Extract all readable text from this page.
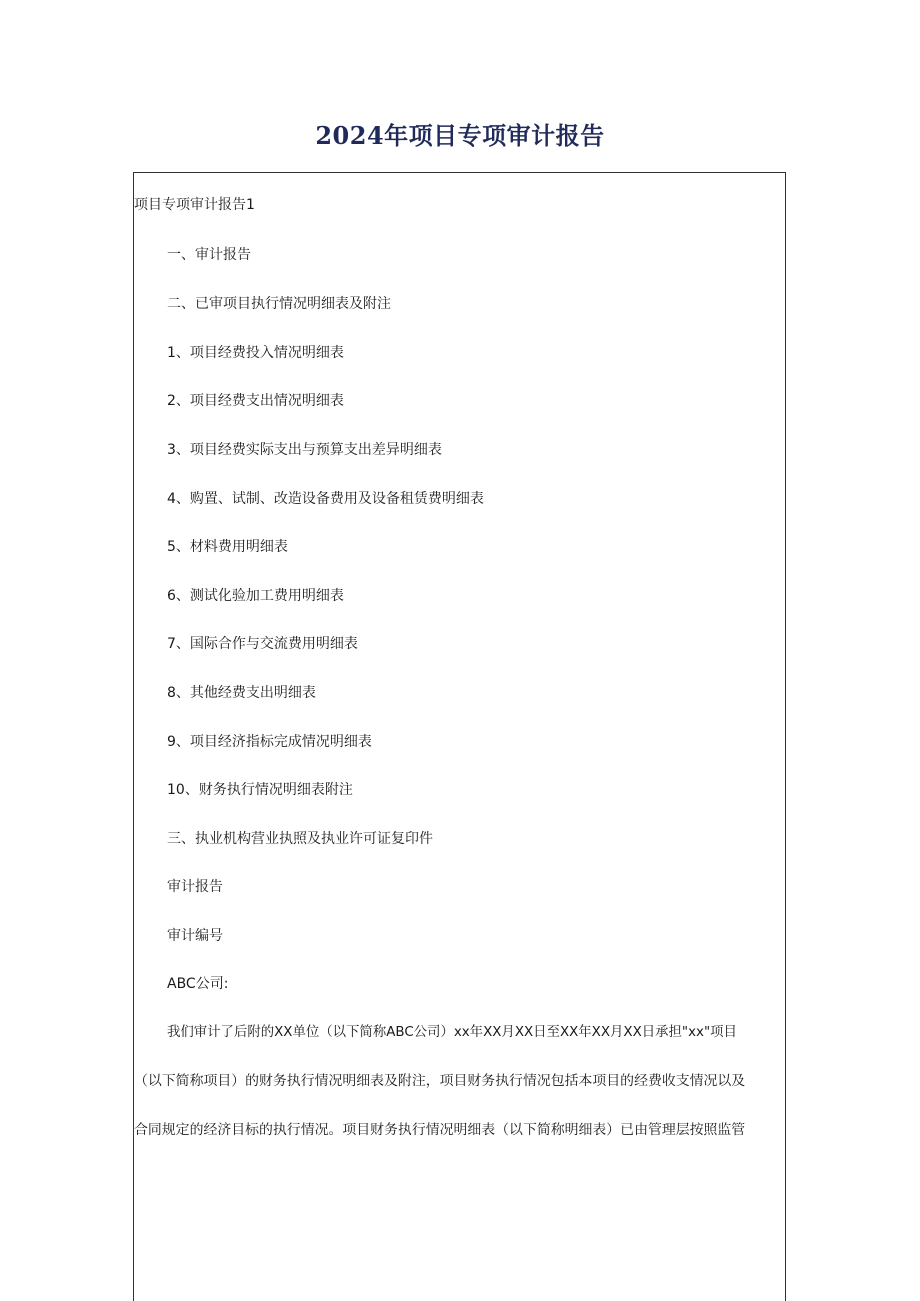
2024年项目专项审计报告
项目专项审计报告1
一、审计报告
二、已审项目执行情况明细表及附注
1、项目经费投入情况明细表
2、项目经费支出情况明细表
3、项目经费实际支出与预算支出差异明细表
4、购置、试制、改造设备费用及设备租赁费明细表
5、材料费用明细表
6、测试化验加工费用明细表
7、国际合作与交流费用明细表
8、其他经费支出明细表
9、项目经济指标完成情况明细表
10、财务执行情况明细表附注
三、执业机构营业执照及执业许可证复印件
审计报告
审计编号
ABC公司:
我们审计了后附的XX单位（以下简称ABC公司）xx年XX月XX日至XX年XX月XX日承担"xx"项目
（以下简称项目）的财务执行情况明细表及附注，项目财务执行情况包括本项目的经费收支情况以及
合同规定的经济目标的执行情况。项目财务执行情况明细表（以下简称明细表）已由管理层按照监管
